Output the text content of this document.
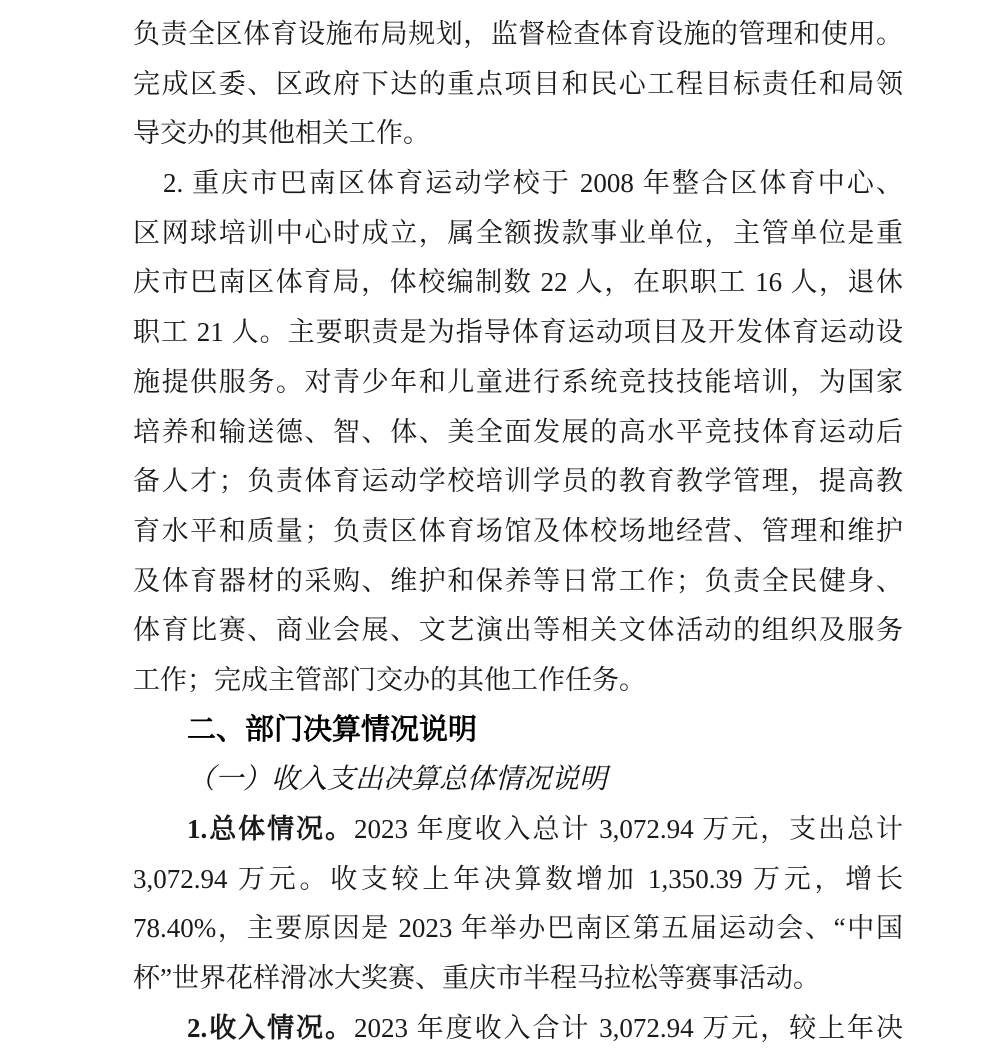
负责全区体育设施布局规划，监督检查体育设施的管理和使用。
完成区委、区政府下达的重点项目和民心工程目标责任和局领
导交办的其他相关工作。
2. 重庆市巴南区体育运动学校于 2008 年整合区体育中心、
区网球培训中心时成立，属全额拨款事业单位，主管单位是重
庆市巴南区体育局，体校编制数 22 人，在职职工 16 人，退休
职工 21 人。主要职责是为指导体育运动项目及开发体育运动设
施提供服务。对青少年和儿童进行系统竞技技能培训，为国家
培养和输送德、智、体、美全面发展的高水平竞技体育运动后
备人才；负责体育运动学校培训学员的教育教学管理，提高教
育水平和质量；负责区体育场馆及体校场地经营、管理和维护
及体育器材的采购、维护和保养等日常工作；负责全民健身、
体育比赛、商业会展、文艺演出等相关文体活动的组织及服务
工作；完成主管部门交办的其他工作任务。
二、部门决算情况说明
（一）收入支出决算总体情况说明
1.总体情况。2023 年度收入总计 3,072.94 万元，支出总计
3,072.94 万元。收支较上年决算数增加 1,350.39 万元，增长
78.40%，主要原因是 2023 年举办巴南区第五届运动会、“中国
杯”世界花样滑冰大奖赛、重庆市半程马拉松等赛事活动。
2.收入情况。2023 年度收入合计 3,072.94 万元，较上年决
